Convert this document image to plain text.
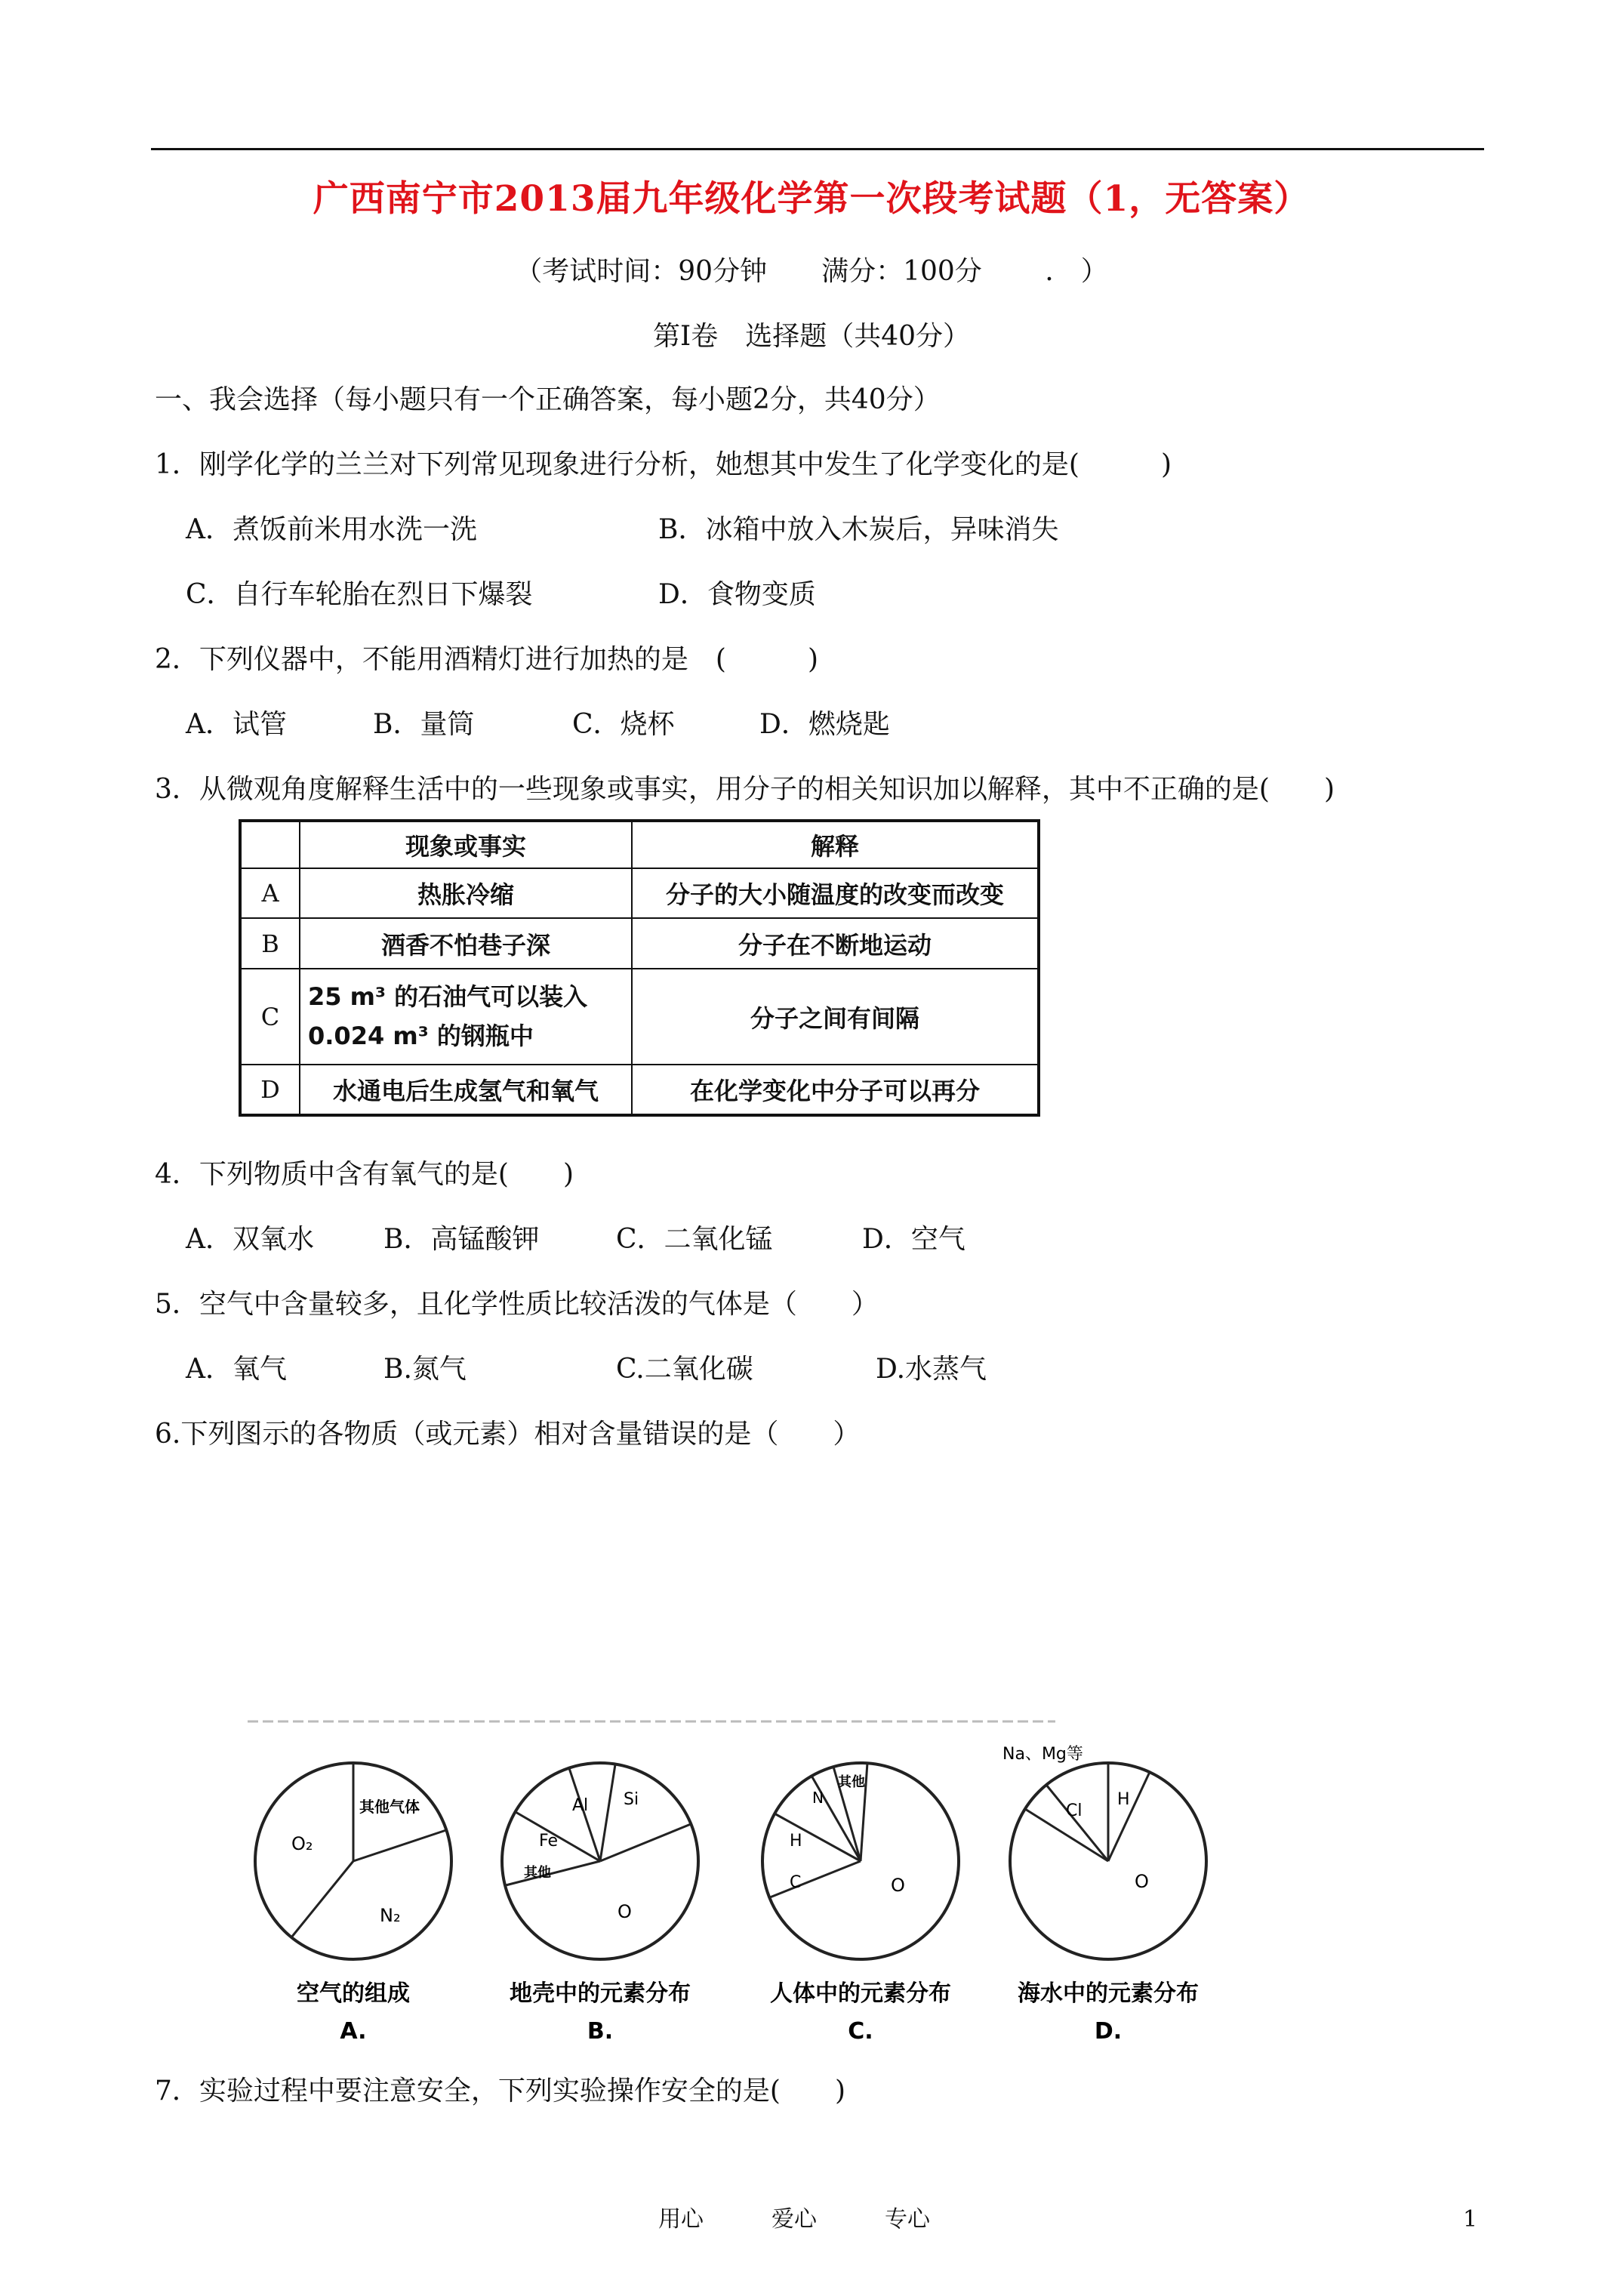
广西南宁市2013届九年级化学第一次段考试题（1，无答案）
（考试时间：90分钟　　满分：100分　　 .　）
第Ⅰ卷　选择题（共40分）
一、我会选择（每小题只有一个正确答案，每小题2分，共40分）
1．刚学化学的兰兰对下列常见现象进行分析，她想其中发生了化学变化的是(　　　)
A．煮饭前米用水洗一洗	B．冰箱中放入木炭后，异味消失
C．自行车轮胎在烈日下爆裂	D．食物变质
2．下列仪器中，不能用酒精灯进行加热的是　(　　　)
A．试管	B．量筒	C．烧杯	D．燃烧匙
3．从微观角度解释生活中的一些现象或事实，用分子的相关知识加以解释，其中不正确的是(　　)
	现象或事实	解释
A	热胀冷缩	分子的大小随温度的改变而改变
B	酒香不怕巷子深	分子在不断地运动
C	25 m³ 的石油气可以装入0.024 m³ 的钢瓶中	分子之间有间隔
D	水通电后生成氢气和氧气	在化学变化中分子可以再分
4．下列物质中含有氧气的是(　　)
A．双氧水	B．高锰酸钾	C．二氧化锰	D．空气
5．空气中含量较多，且化学性质比较活泼的气体是（　　）
A．氧气	B.氮气	C.二氧化碳	D.水蒸气
6.下列图示的各物质（或元素）相对含量错误的是（　　）
其他气体
O₂
N₂
空气的组成
A.
Al Si
Fe
其他
O
地壳中的元素分布
B.
N
其他
H
C	O
人体中的元素分布
C.
Na、Mg等
Cl
H
O
海水中的元素分布
D.
7．实验过程中要注意安全，下列实验操作安全的是(　　)
用心　　　爱心　　　专心	1
